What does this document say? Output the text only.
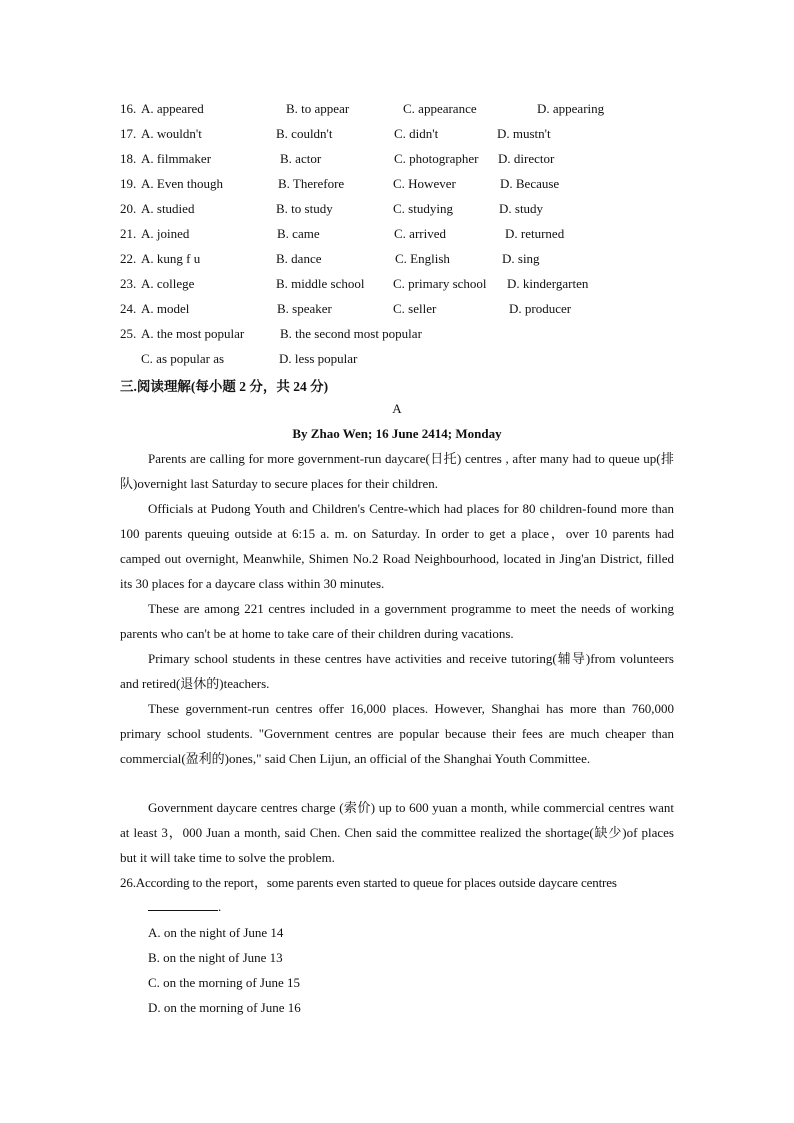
16. A. appeared	B. to appear	C. appearance	D. appearing
17. A. wouldn't	B. couldn't	C. didn't	D. mustn't
18. A. filmmaker	B. actor	C. photographer D. director
19. A. Even though	B. Therefore	C. However	D. Because
20. A. studied	B. to study	C. studying	D. study
21. A. joined	B. came	C. arrived	D. returned
22. A. kung f u	B. dance	C. English	D. sing
23. A. college	B. middle school C. primary school D. kindergarten
24. A. model	B. speaker	C. seller	D. producer
25. A. the most popular	B. the second most popular
C. as popular as	D. less popular
三.阅读理解(每小题 2 分，共 24 分)
A
By Zhao Wen; 16 June 2414; Monday
Parents are calling for more government-run daycare(日托) centres , after many had to queue up(排队)overnight last Saturday to secure places for their children.
Officials at Pudong Youth and Children's Centre-which had places for 80 children-found more than 100 parents queuing outside at 6:15 a. m. on Saturday. In order to get a place，over 10 parents had camped out overnight, Meanwhile, Shimen No.2 Road Neighbourhood, located in Jing'an District, filled its 30 places for a daycare class within 30 minutes.
These are among 221 centres included in a government programme to meet the needs of working parents who can't be at home to take care of their children during vacations.
Primary school students in these centres have activities and receive tutoring(辅导)from volunteers and retired(退休的)teachers.
These government-run centres offer 16,000 places. However, Shanghai has more than 760,000 primary school students. "Government centres are popular because their fees are much cheaper than commercial(盈利的)ones," said Chen Lijun, an official of the Shanghai Youth Committee.
Government daycare centres charge (索价) up to 600 yuan a month, while commercial centres want at least 3，000 Juan a month, said Chen. Chen said the committee realized the shortage(缺少)of places but it will take time to solve the problem.
26.According to the report，some parents even started to queue for places outside daycare centres
.
A. on the night of June 14
B. on the night of June 13
C. on the morning of June 15
D. on the morning of June 16
